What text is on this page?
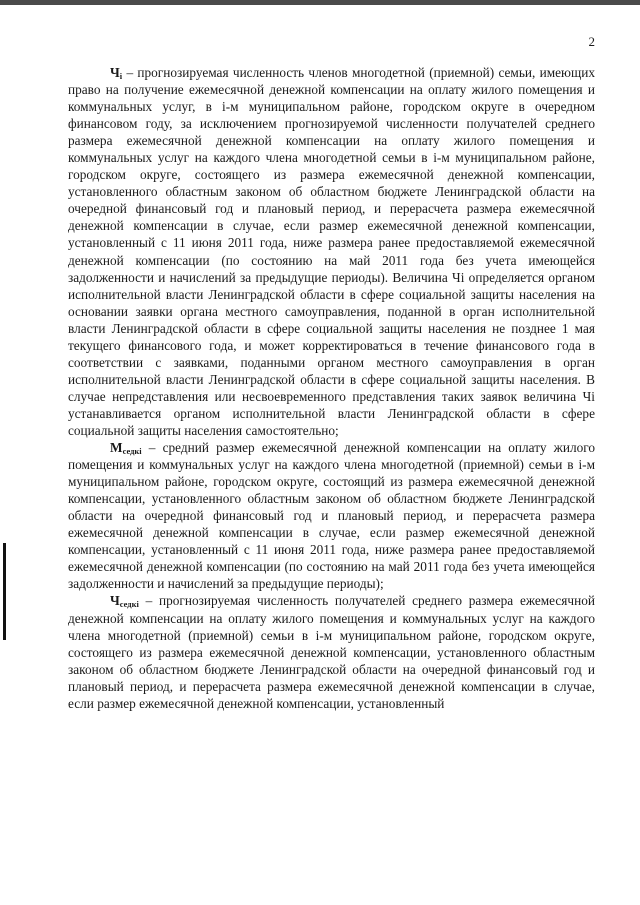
2

$Ч_i$ – прогнозируемая численность членов многодетной (приемной) семьи, имеющих право на получение ежемесячной денежной компенсации на оплату жилого помещения и коммунальных услуг, в i-м муниципальном районе, городском округе в очередном финансовом году, за исключением прогнозируемой численности получателей среднего размера ежемесячной денежной компенсации на оплату жилого помещения и коммунальных услуг на каждого члена многодетной семьи в i-м муниципальном районе, городском округе, состоящего из размера ежемесячной денежной компенсации, установленного областным законом об областном бюджете Ленинградской области на очередной финансовый год и плановый период, и перерасчета размера ежемесячной денежной компенсации в случае, если размер ежемесячной денежной компенсации, установленный с 11 июня 2011 года, ниже размера ранее предоставляемой ежемесячной денежной компенсации (по состоянию на май 2011 года без учета имеющейся задолженности и начислений за предыдущие периоды). Величина Чi определяется органом исполнительной власти Ленинградской области в сфере социальной защиты населения на основании заявки органа местного самоуправления, поданной в орган исполнительной власти Ленинградской области в сфере социальной защиты населения не позднее 1 мая текущего финансового года, и может корректироваться в течение финансового года в соответствии с заявками, поданными органом местного самоуправления в орган исполнительной власти Ленинградской области в сфере социальной защиты населения. В случае непредставления или несвоевременного представления таких заявок величина Чi устанавливается органом исполнительной власти Ленинградской области в сфере социальной защиты населения самостоятельно;

$М_{седкi}$ – средний размер ежемесячной денежной компенсации на оплату жилого помещения и коммунальных услуг на каждого члена многодетной (приемной) семьи в i-м муниципальном районе, городском округе, состоящий из размера ежемесячной денежной компенсации, установленного областным законом об областном бюджете Ленинградской области на очередной финансовый год и плановый период, и перерасчета размера ежемесячной денежной компенсации в случае, если размер ежемесячной денежной компенсации, установленный с 11 июня 2011 года, ниже размера ранее предоставляемой ежемесячной денежной компенсации (по состоянию на май 2011 года без учета имеющейся задолженности и начислений за предыдущие периоды);

$Ч_{седкi}$ – прогнозируемая численность получателей среднего размера ежемесячной денежной компенсации на оплату жилого помещения и коммунальных услуг на каждого члена многодетной (приемной) семьи в i-м муниципальном районе, городском округе, состоящего из размера ежемесячной денежной компенсации, установленного областным законом об областном бюджете Ленинградской области на очередной финансовый год и плановый период, и перерасчета размера ежемесячной денежной компенсации в случае, если размер ежемесячной денежной компенсации, установленный
